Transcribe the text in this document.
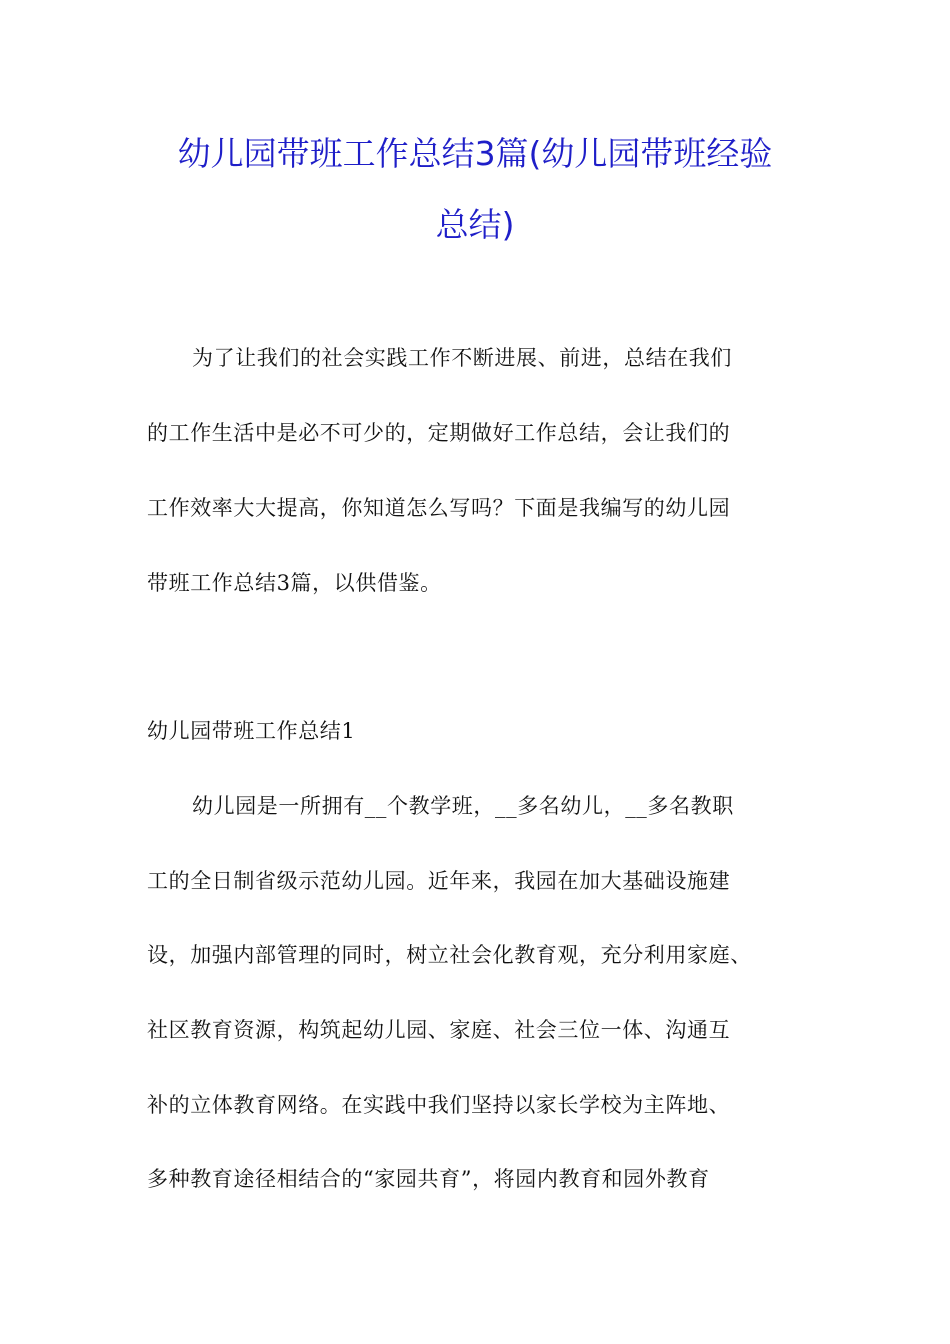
幼儿园带班工作总结3篇(幼儿园带班经验
总结)
为了让我们的社会实践工作不断进展、前进，总结在我们
的工作生活中是必不可少的，定期做好工作总结，会让我们的
工作效率大大提高，你知道怎么写吗？下面是我编写的幼儿园
带班工作总结3篇，以供借鉴。
幼儿园带班工作总结1
幼儿园是一所拥有__个教学班，__多名幼儿，__多名教职
工的全日制省级示范幼儿园。近年来，我园在加大基础设施建
设，加强内部管理的同时，树立社会化教育观，充分利用家庭、
社区教育资源，构筑起幼儿园、家庭、社会三位一体、沟通互
补的立体教育网络。在实践中我们坚持以家长学校为主阵地、
多种教育途径相结合的“家园共育”，将园内教育和园外教育
